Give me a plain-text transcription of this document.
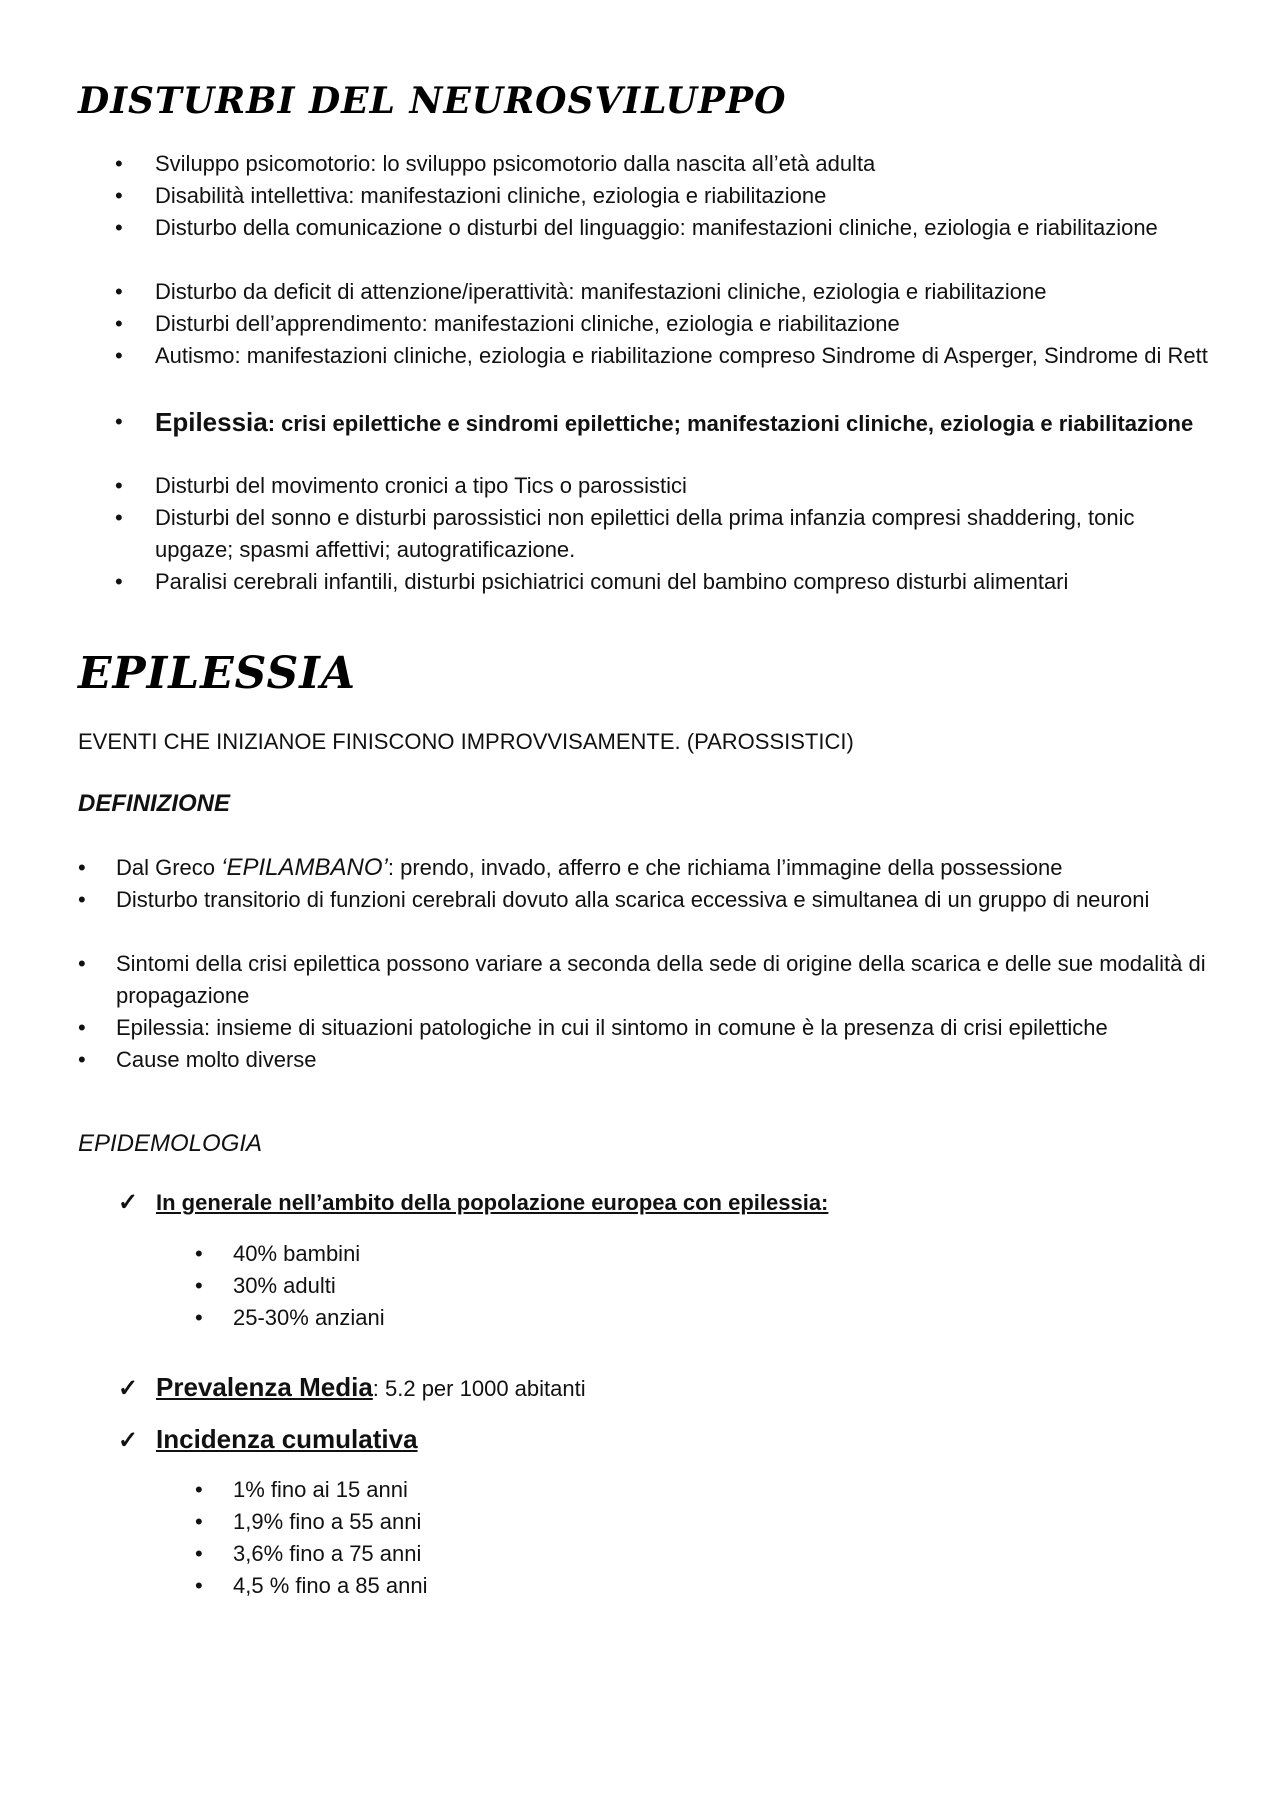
DISTURBI DEL NEUROSVILUPPO
• Sviluppo psicomotorio: lo sviluppo psicomotorio dalla nascita all’età adulta
• Disabilità intellettiva: manifestazioni cliniche, eziologia e riabilitazione
• Disturbo della comunicazione o disturbi del linguaggio: manifestazioni cliniche, eziologia e riabilitazione
• Disturbo da deficit di attenzione/iperattività: manifestazioni cliniche, eziologia e riabilitazione
• Disturbi dell’apprendimento: manifestazioni cliniche, eziologia e riabilitazione
• Autismo: manifestazioni cliniche, eziologia e riabilitazione compreso Sindrome di Asperger, Sindrome di Rett
• Epilessia: crisi epilettiche e sindromi epilettiche; manifestazioni cliniche, eziologia e riabilitazione
• Disturbi del movimento cronici a tipo Tics o parossistici
• Disturbi del sonno e disturbi parossistici non epilettici della prima infanzia compresi shaddering, tonic upgaze; spasmi affettivi; autogratificazione.
• Paralisi cerebrali infantili, disturbi psichiatrici comuni del bambino compreso disturbi alimentari
EPILESSIA
EVENTI CHE INIZIANOE FINISCONO IMPROVVISAMENTE. (PAROSSISTICI)
DEFINIZIONE
• Dal Greco ‘EPILAMBANO’: prendo, invado, afferro e che richiama l’immagine della possessione
• Disturbo transitorio di funzioni cerebrali dovuto alla scarica eccessiva e simultanea di un gruppo di neuroni
• Sintomi della crisi epilettica possono variare a seconda della sede di origine della scarica e delle sue modalità di propagazione
• Epilessia: insieme di situazioni patologiche in cui il sintomo in comune è la presenza di crisi epilettiche
• Cause molto diverse
EPIDEMOLOGIA
✓ In generale nell’ambito della popolazione europea con epilessia:
• 40% bambini
• 30% adulti
• 25-30% anziani
✓ Prevalenza Media: 5.2 per 1000 abitanti
✓ Incidenza cumulativa
• 1% fino ai 15 anni
• 1,9% fino a 55 anni
• 3,6% fino a 75 anni
• 4,5 % fino a 85 anni
